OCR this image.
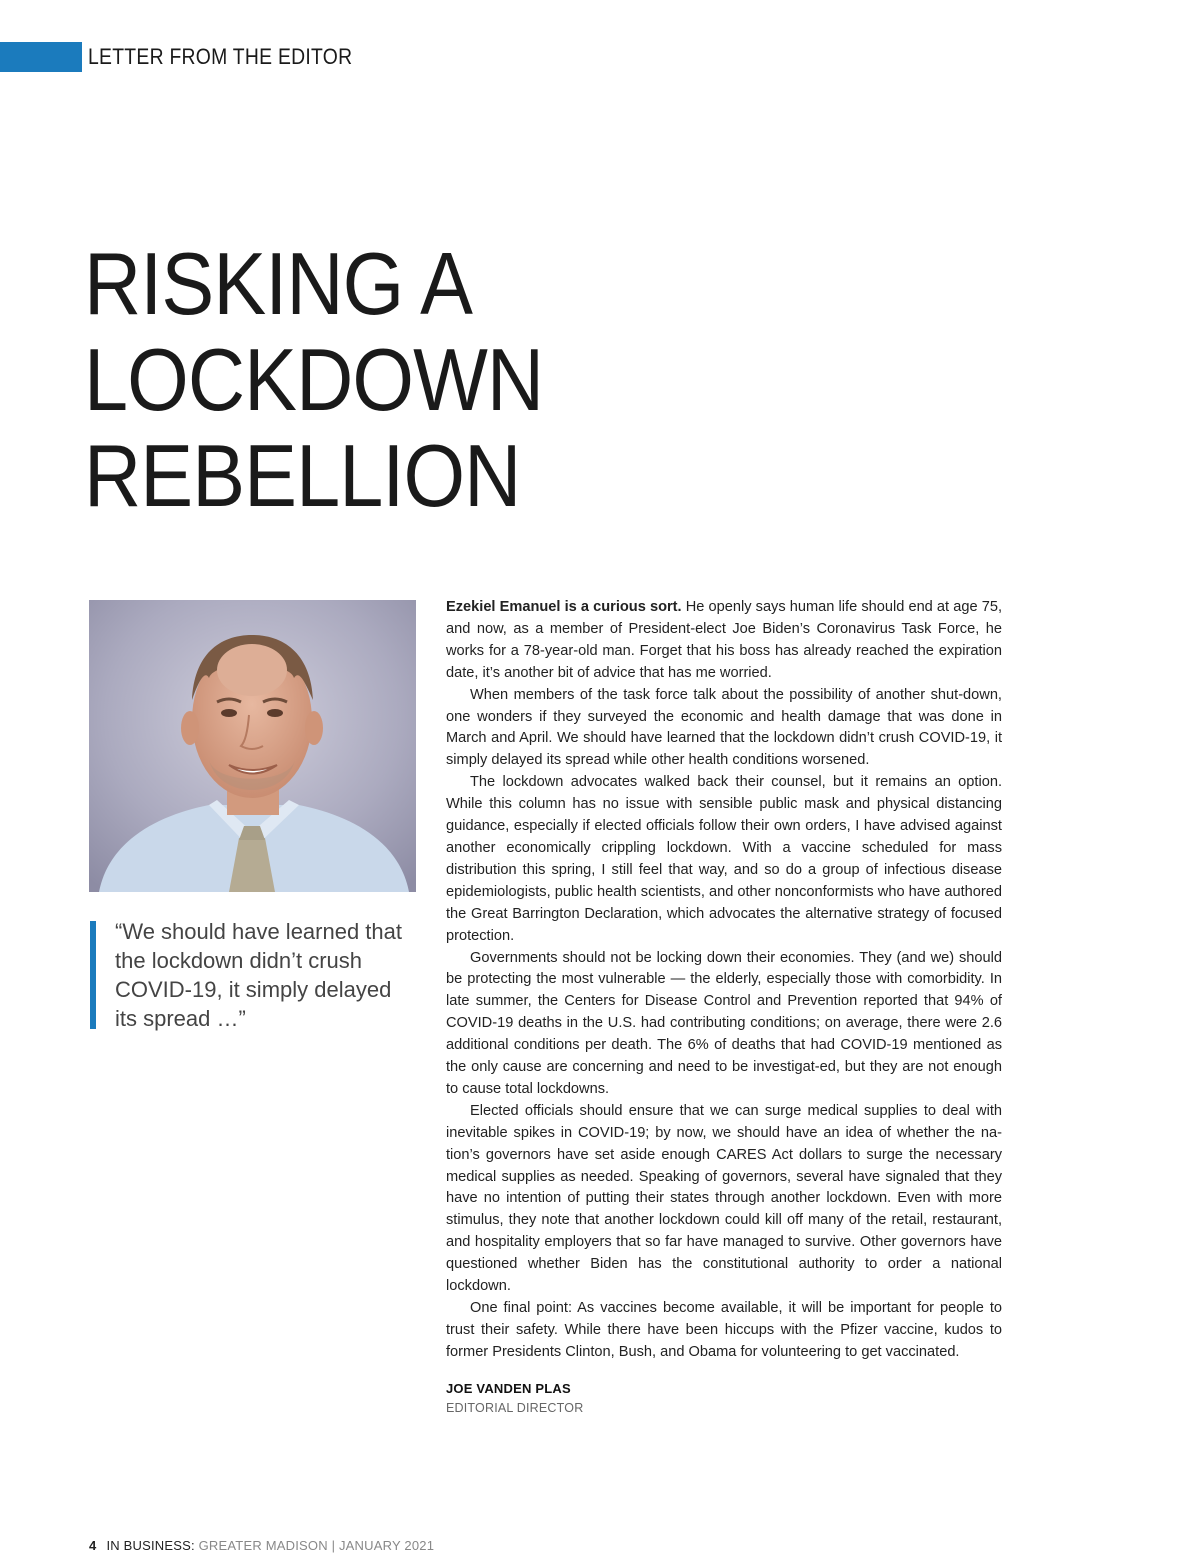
LETTER FROM THE EDITOR
RISKING A
LOCKDOWN
REBELLION

“We should have learned that the lockdown didn’t crush COVID-19, it simply delayed its spread …”

Ezekiel Emanuel is a curious sort. He openly says human life should end at age 75, and now, as a member of President-elect Joe Biden’s Coronavirus Task Force, he works for a 78-year-old man. Forget that his boss has already reached the expiration date, it’s another bit of advice that has me worried.

When members of the task force talk about the possibility of another shut-down, one wonders if they surveyed the economic and health damage that was done in March and April. We should have learned that the lockdown didn’t crush COVID-19, it simply delayed its spread while other health conditions worsened.

The lockdown advocates walked back their counsel, but it remains an option. While this column has no issue with sensible public mask and physical distancing guidance, especially if elected officials follow their own orders, I have advised against another economically crippling lockdown. With a vaccine scheduled for mass distribution this spring, I still feel that way, and so do a group of infectious disease epidemiologists, public health scientists, and other nonconformists who have authored the Great Barrington Declaration, which advocates the alternative strategy of focused protection.

Governments should not be locking down their economies. They (and we) should be protecting the most vulnerable — the elderly, especially those with comorbidity. In late summer, the Centers for Disease Control and Prevention reported that 94% of COVID-19 deaths in the U.S. had contributing conditions; on average, there were 2.6 additional conditions per death. The 6% of deaths that had COVID-19 mentioned as the only cause are concerning and need to be investigat-ed, but they are not enough to cause total lockdowns.

Elected officials should ensure that we can surge medical supplies to deal with inevitable spikes in COVID-19; by now, we should have an idea of whether the na-tion’s governors have set aside enough CARES Act dollars to surge the necessary medical supplies as needed. Speaking of governors, several have signaled that they have no intention of putting their states through another lockdown. Even with more stimulus, they note that another lockdown could kill off many of the retail, restaurant, and hospitality employers that so far have managed to survive. Other governors have questioned whether Biden has the constitutional authority to order a national lockdown.

One final point: As vaccines become available, it will be important for people to trust their safety. While there have been hiccups with the Pfizer vaccine, kudos to former Presidents Clinton, Bush, and Obama for volunteering to get vaccinated.

JOE VANDEN PLAS
EDITORIAL DIRECTOR
4 IN BUSINESS: GREATER MADISON | JANUARY 2021
